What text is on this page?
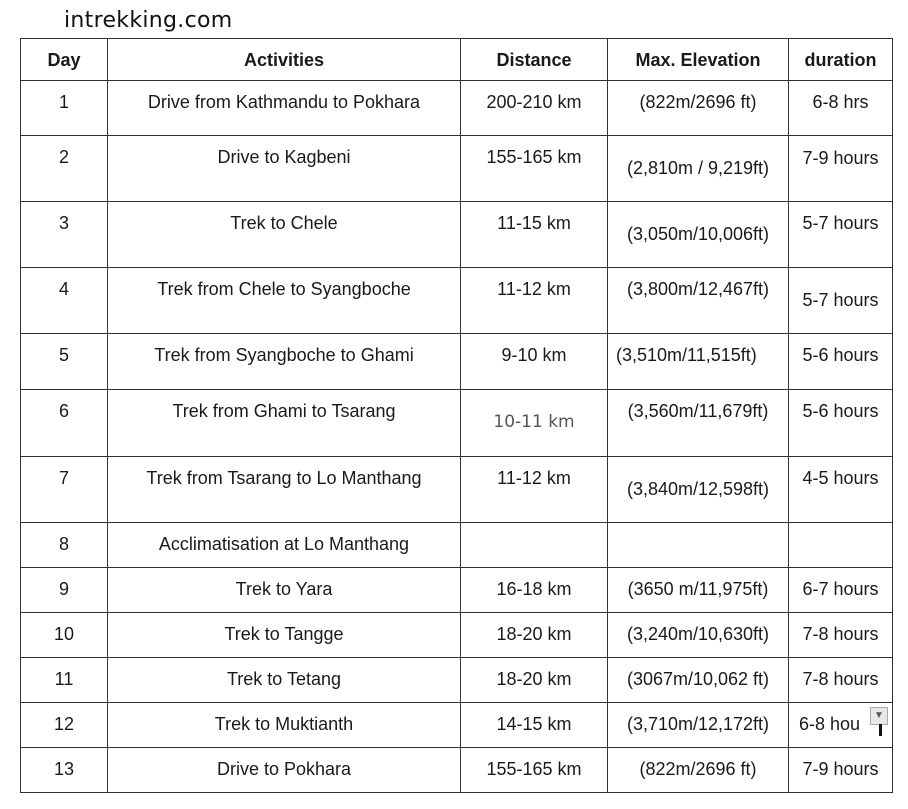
intrekking.com
Day	Activities	Distance	Max. Elevation	duration
1	Drive from Kathmandu to Pokhara	200-210 km	(822m/2696 ft)	6-8 hrs
2	Drive to Kagbeni	155-165 km	(2,810m / 9,219ft)	7-9 hours
3	Trek to Chele	11-15 km	(3,050m/10,006ft)	5-7 hours
4	Trek from Chele to Syangboche	11-12 km	(3,800m/12,467ft)	5-7 hours
5	Trek from Syangboche to Ghami	9-10 km	(3,510m/11,515ft)	5-6 hours
6	Trek from Ghami to Tsarang	10-11 km	(3,560m/11,679ft)	5-6 hours
7	Trek from Tsarang to Lo Manthang	11-12 km	(3,840m/12,598ft)	4-5 hours
8	Acclimatisation at Lo Manthang			
9	Trek to Yara	16-18 km	(3650 m/11,975ft)	6-7 hours
10	Trek to Tangge	18-20 km	(3,240m/10,630ft)	7-8 hours
11	Trek to Tetang	18-20 km	(3067m/10,062 ft)	7-8 hours
12	Trek to Muktianth	14-15 km	(3,710m/12,172ft)	6-8 hou
13	Drive to Pokhara	155-165 km	(822m/2696 ft)	7-9 hours
▼
